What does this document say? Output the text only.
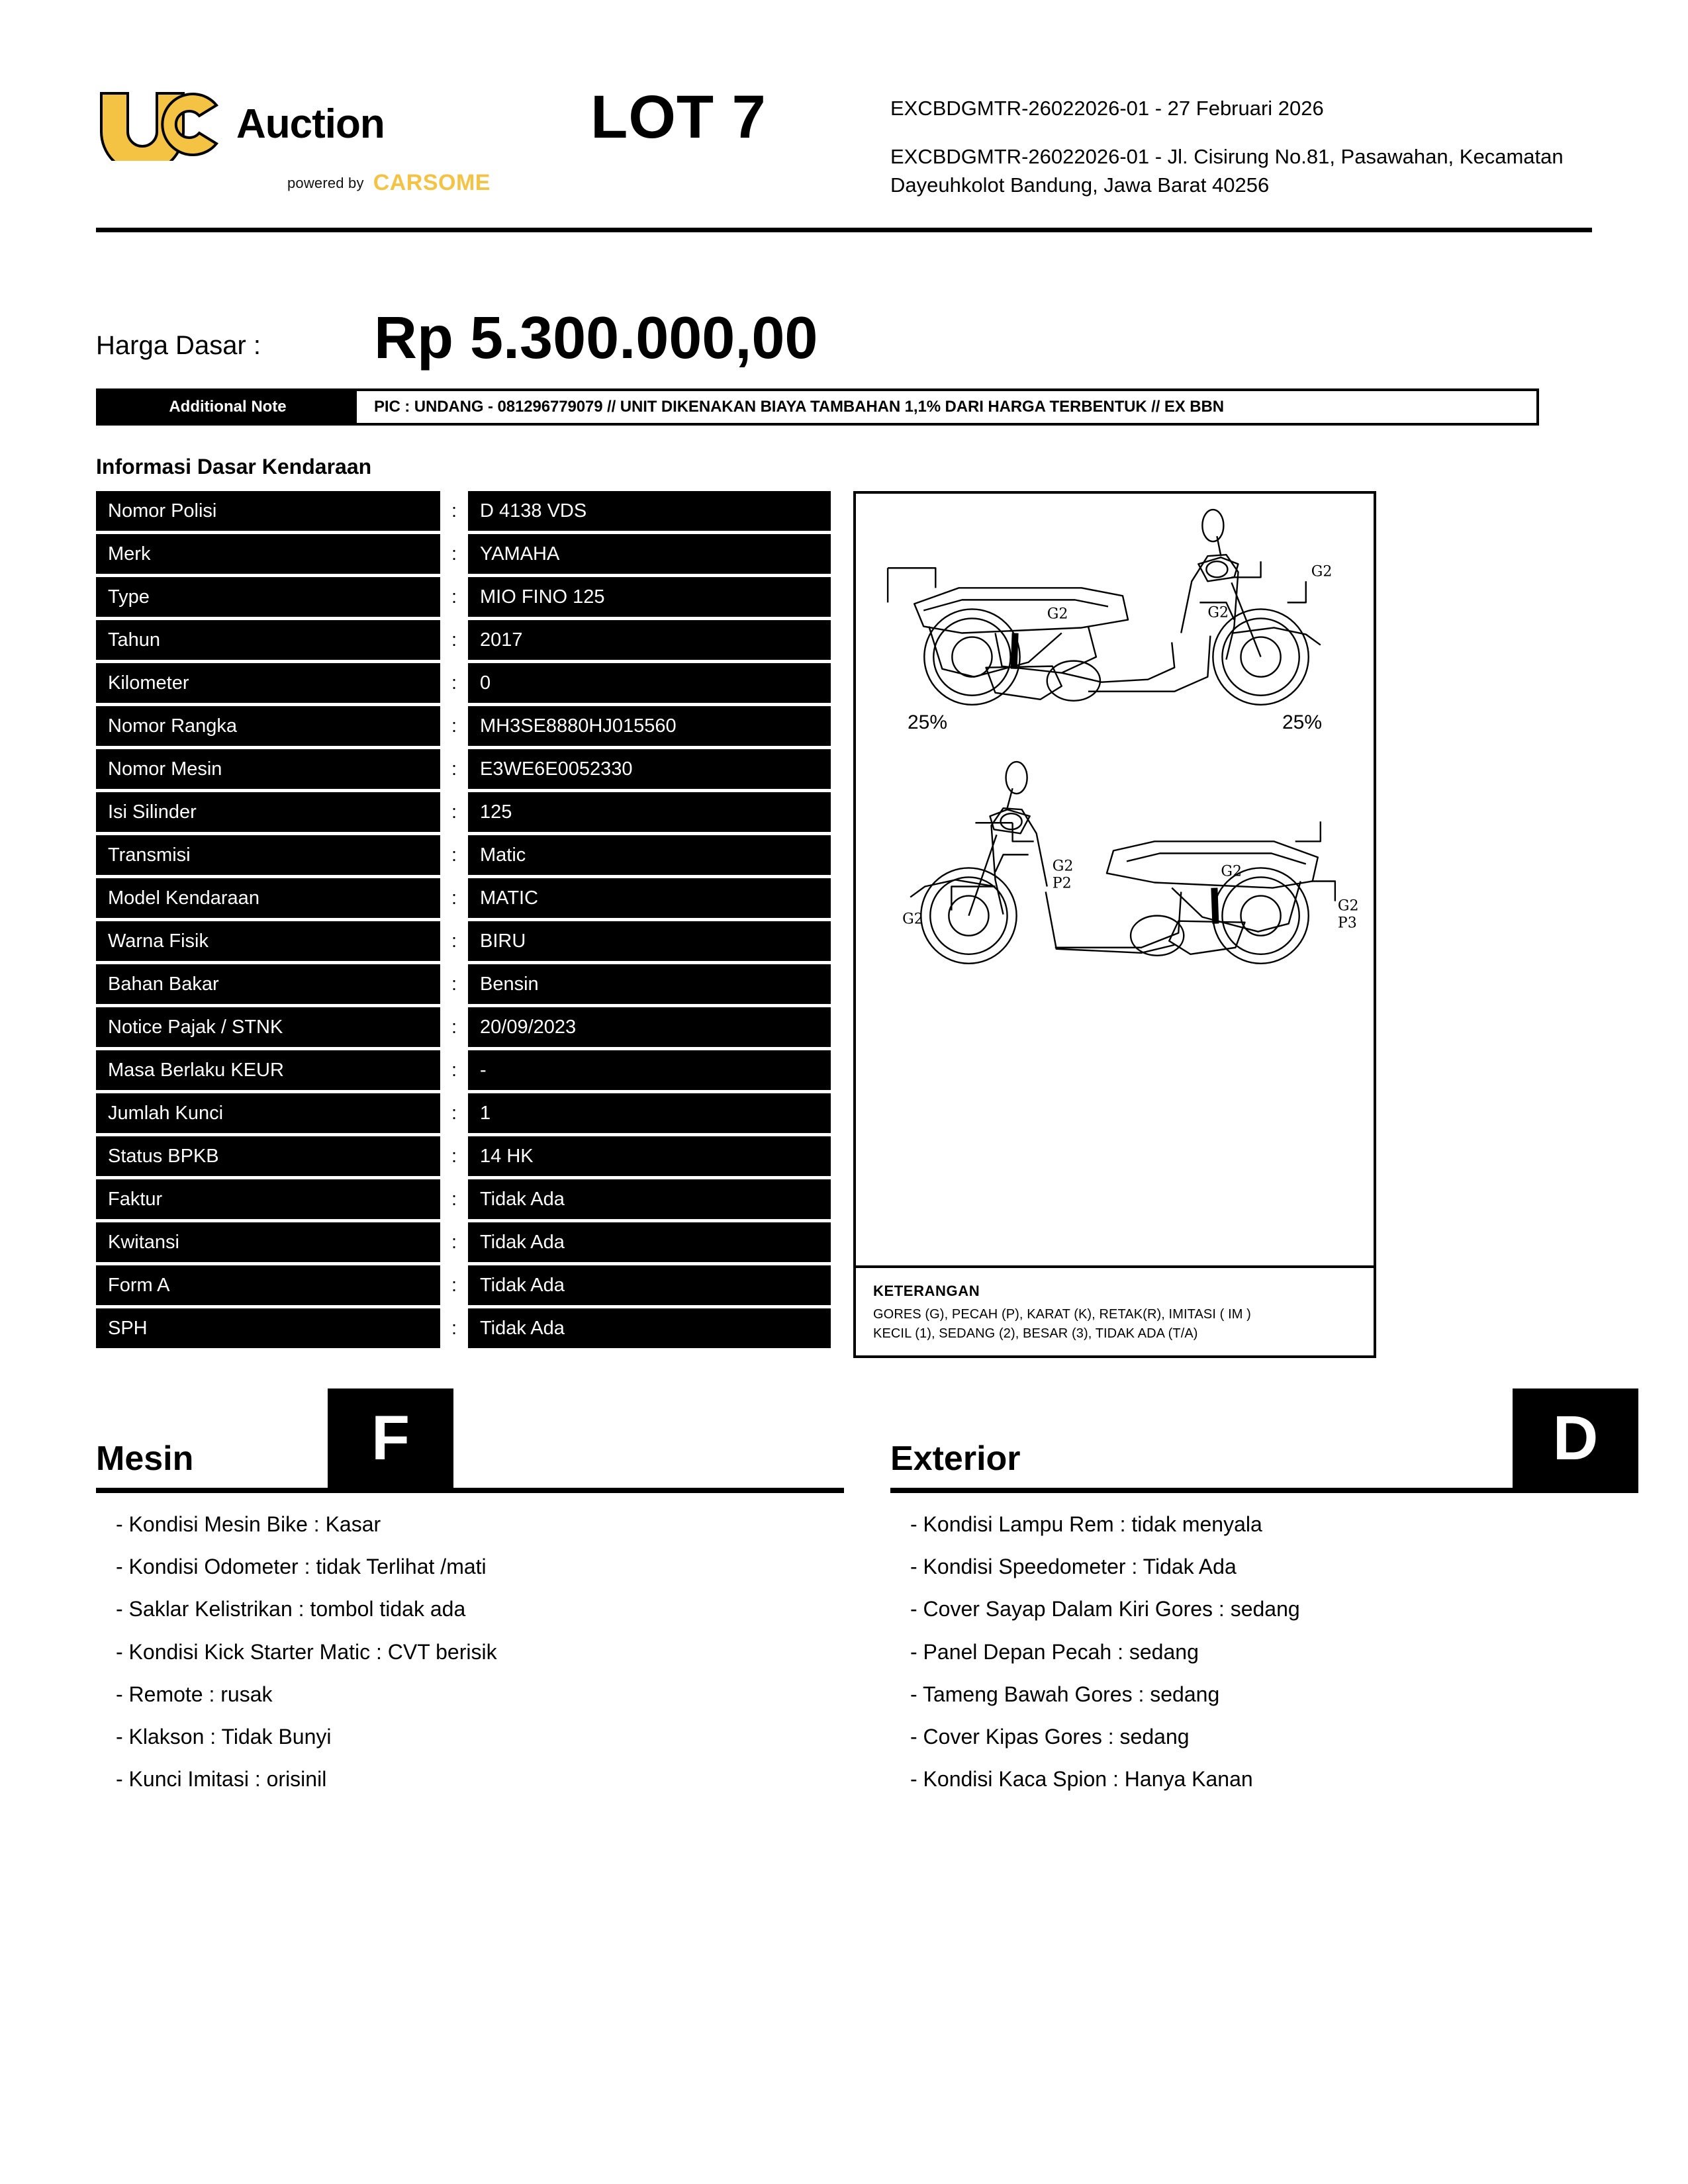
Auction
powered by CARSOME
LOT 7	EXCBDGMTR-26022026-01 - 27 Februari 2026
EXCBDGMTR-26022026-01 - Jl. Cisirung No.81, Pasawahan, Kecamatan Dayeuhkolot Bandung, Jawa Barat 40256
Harga Dasar :	Rp 5.300.000,00
Additional Note	PIC : UNDANG - 081296779079 // UNIT DIKENAKAN BIAYA TAMBAHAN 1,1% DARI HARGA TERBENTUK // EX BBN
Informasi Dasar Kendaraan
Nomor Polisi	:	D 4138 VDS
Merk	:	YAMAHA
Type	:	MIO FINO 125
Tahun	:	2017
Kilometer	:	0
Nomor Rangka	:	MH3SE8880HJ015560
Nomor Mesin	:	E3WE6E0052330
Isi Silinder	:	125
Transmisi	:	Matic
Model Kendaraan	:	MATIC
Warna Fisik	:	BIRU
Bahan Bakar	:	Bensin
Notice Pajak / STNK	:	20/09/2023
Masa Berlaku KEUR	:	-
Jumlah Kunci	:	1
Status BPKB	:	14 HK
Faktur	:	Tidak Ada
Kwitansi	:	Tidak Ada
Form A	:	Tidak Ada
SPH	:	Tidak Ada
G2	G2
G2
25%	25%
G2
P2
G2
G2
G2
P3
KETERANGAN
GORES (G), PECAH (P), KARAT (K), RETAK(R), IMITASI ( IM )
KECIL (1), SEDANG (2), BESAR (3), TIDAK ADA (T/A)
Mesin	F
- Kondisi Mesin Bike : Kasar
- Kondisi Odometer : tidak Terlihat /mati
- Saklar Kelistrikan : tombol tidak ada
- Kondisi Kick Starter Matic : CVT berisik
- Remote : rusak
- Klakson : Tidak Bunyi
- Kunci Imitasi : orisinil
Exterior	D
- Kondisi Lampu Rem : tidak menyala
- Kondisi Speedometer : Tidak Ada
- Cover Sayap Dalam Kiri Gores : sedang
- Panel Depan Pecah : sedang
- Tameng Bawah Gores : sedang
- Cover Kipas Gores : sedang
- Kondisi Kaca Spion : Hanya Kanan
